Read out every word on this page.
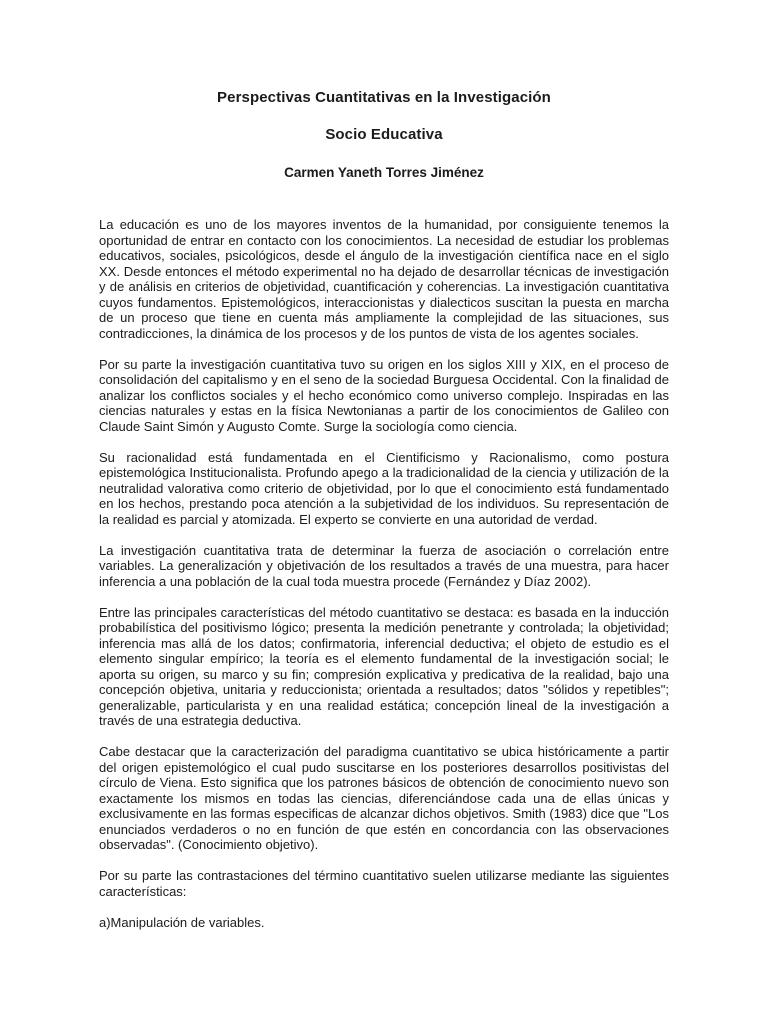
Perspectivas Cuantitativas en la Investigación
Socio Educativa
Carmen Yaneth Torres Jiménez

La educación es uno de los mayores inventos de la humanidad, por consiguiente tenemos la oportunidad de entrar en contacto con los conocimientos. La necesidad de estudiar los problemas educativos, sociales, psicológicos, desde el ángulo de la investigación científica nace en el siglo XX. Desde entonces el método experimental no ha dejado de desarrollar técnicas de investigación y de análisis en criterios de objetividad, cuantificación y coherencias. La investigación cuantitativa cuyos fundamentos. Epistemológicos, interaccionistas y dialecticos suscitan la puesta en marcha de un proceso que tiene en cuenta más ampliamente la complejidad de las situaciones, sus contradicciones, la dinámica de los procesos y de los puntos de vista de los agentes sociales.

Por su parte la investigación cuantitativa tuvo su origen en los siglos XIII y XIX, en el proceso de consolidación del capitalismo y en el seno de la sociedad Burguesa Occidental. Con la finalidad de analizar los conflictos sociales y el hecho económico como universo complejo. Inspiradas en las ciencias naturales y estas en la física Newtonianas a partir de los conocimientos de Galileo con Claude Saint Simón y Augusto Comte. Surge la sociología como ciencia.

Su racionalidad está fundamentada en el Cientificismo y Racionalismo, como postura epistemológica Institucionalista. Profundo apego a la tradicionalidad de la ciencia y utilización de la neutralidad valorativa como criterio de objetividad, por lo que el conocimiento está fundamentado en los hechos, prestando poca atención a la subjetividad de los individuos. Su representación de la realidad es parcial y atomizada. El experto se convierte en una autoridad de verdad.

La investigación cuantitativa trata de determinar la fuerza de asociación o correlación entre variables. La generalización y objetivación de los resultados a través de una muestra, para hacer inferencia a una población de la cual toda muestra procede (Fernández y Díaz 2002).

Entre las principales características del método cuantitativo se destaca: es basada en la inducción probabilística del positivismo lógico; presenta la medición penetrante y controlada; la objetividad; inferencia mas allá de los datos; confirmatoria, inferencial deductiva; el objeto de estudio es el elemento singular empírico; la teoría es el elemento fundamental de la investigación social; le aporta su origen, su marco y su fin; compresión explicativa y predicativa de la realidad, bajo una concepción objetiva, unitaria y reduccionista; orientada a resultados; datos "sólidos y repetibles"; generalizable, particularista y en una realidad estática; concepción lineal de la investigación a través de una estrategia deductiva.

Cabe destacar que la caracterización del paradigma cuantitativo se ubica históricamente a partir del origen epistemológico el cual pudo suscitarse en los posteriores desarrollos positivistas del círculo de Viena. Esto significa que los patrones básicos de obtención de conocimiento nuevo son exactamente los mismos en todas las ciencias, diferenciándose cada una de ellas únicas y exclusivamente en las formas especificas de alcanzar dichos objetivos. Smith (1983) dice que "Los enunciados verdaderos o no en función de que estén en concordancia con las observaciones observadas". (Conocimiento objetivo).

Por su parte las contrastaciones del término cuantitativo suelen utilizarse mediante las siguientes características:

a)Manipulación de variables.
